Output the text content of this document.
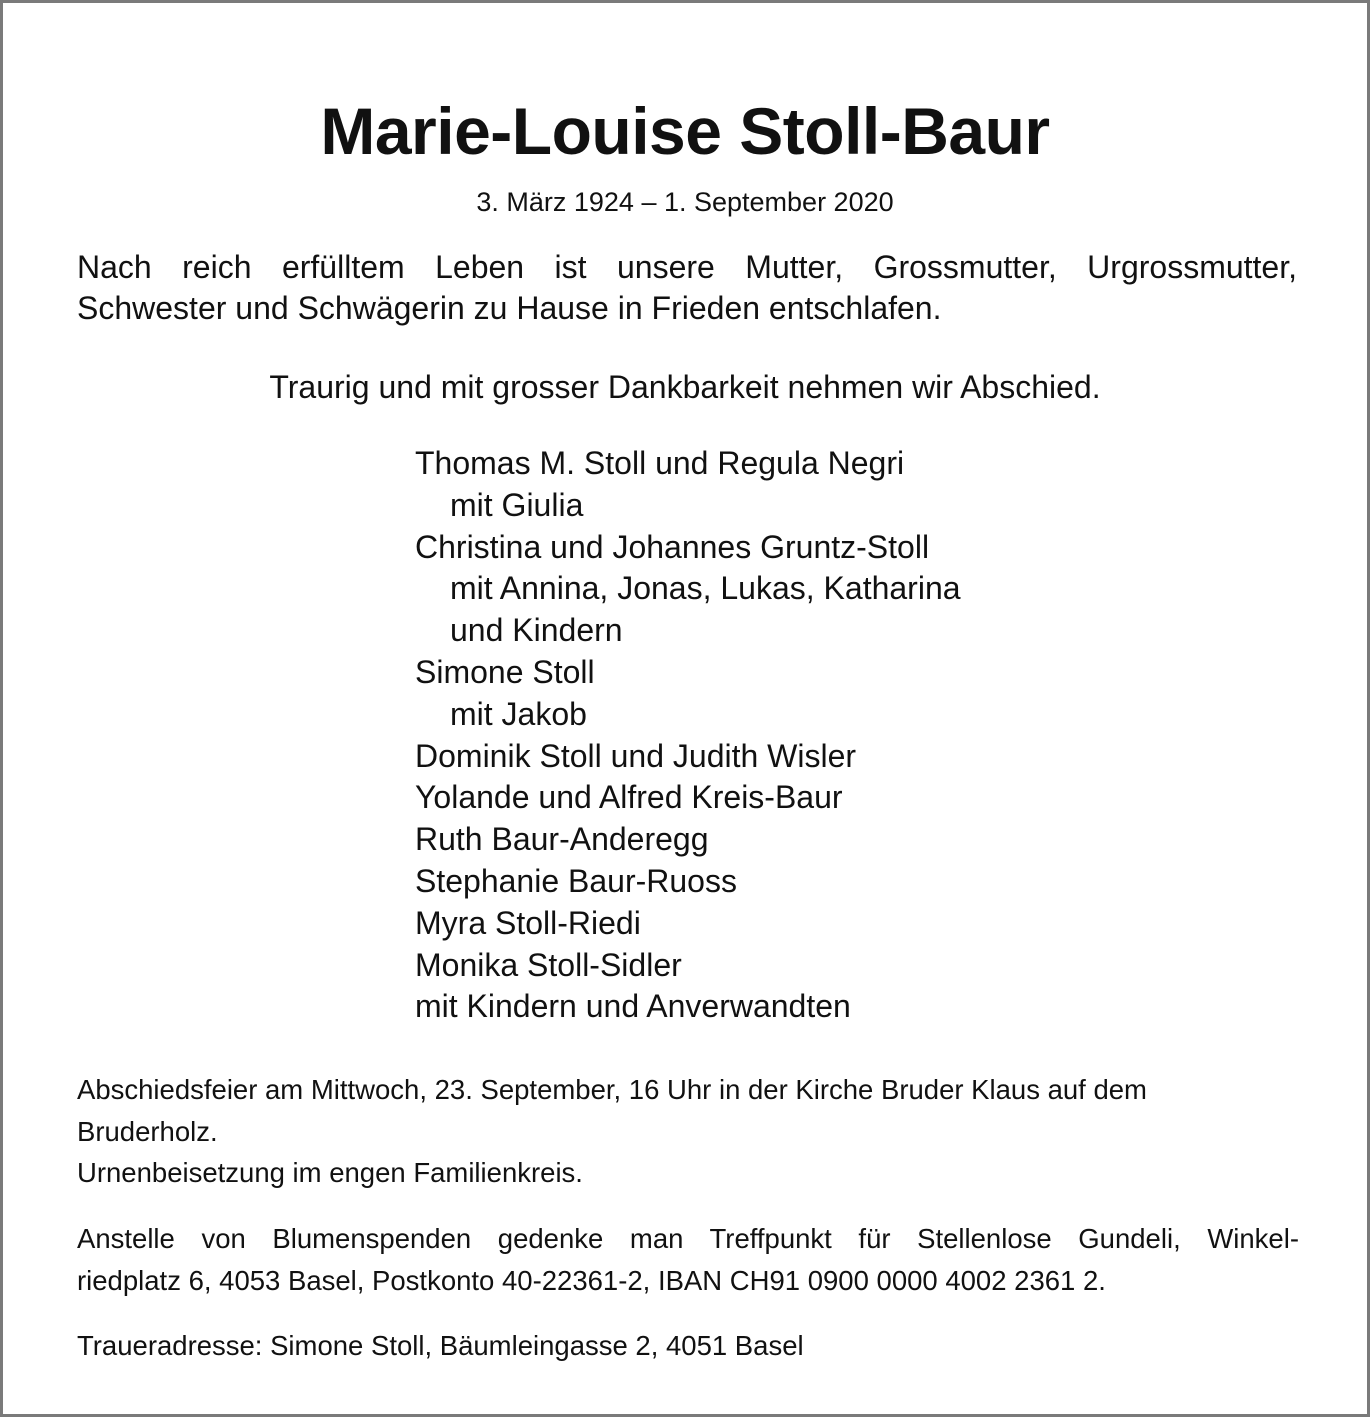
Marie-Louise Stoll-Baur
3. März 1924 – 1. September 2020
Nach reich erfülltem Leben ist unsere Mutter, Grossmutter, Urgrossmutter,
Schwester und Schwägerin zu Hause in Frieden entschlafen.
Traurig und mit grosser Dankbarkeit nehmen wir Abschied.
Thomas M. Stoll und Regula Negri
mit Giulia
Christina und Johannes Gruntz-Stoll
mit Annina, Jonas, Lukas, Katharina
und Kindern
Simone Stoll
mit Jakob
Dominik Stoll und Judith Wisler
Yolande und Alfred Kreis-Baur
Ruth Baur-Anderegg
Stephanie Baur-Ruoss
Myra Stoll-Riedi
Monika Stoll-Sidler
mit Kindern und Anverwandten
Abschiedsfeier am Mittwoch, 23. September, 16 Uhr in der Kirche Bruder Klaus auf dem
Bruderholz.
Urnenbeisetzung im engen Familienkreis.
Anstelle von Blumenspenden gedenke man Treffpunkt für Stellenlose Gundeli, Winkel-
riedplatz 6, 4053 Basel, Postkonto 40-22361-2, IBAN CH91 0900 0000 4002 2361 2.
Traueradresse: Simone Stoll, Bäumleingasse 2, 4051 Basel
